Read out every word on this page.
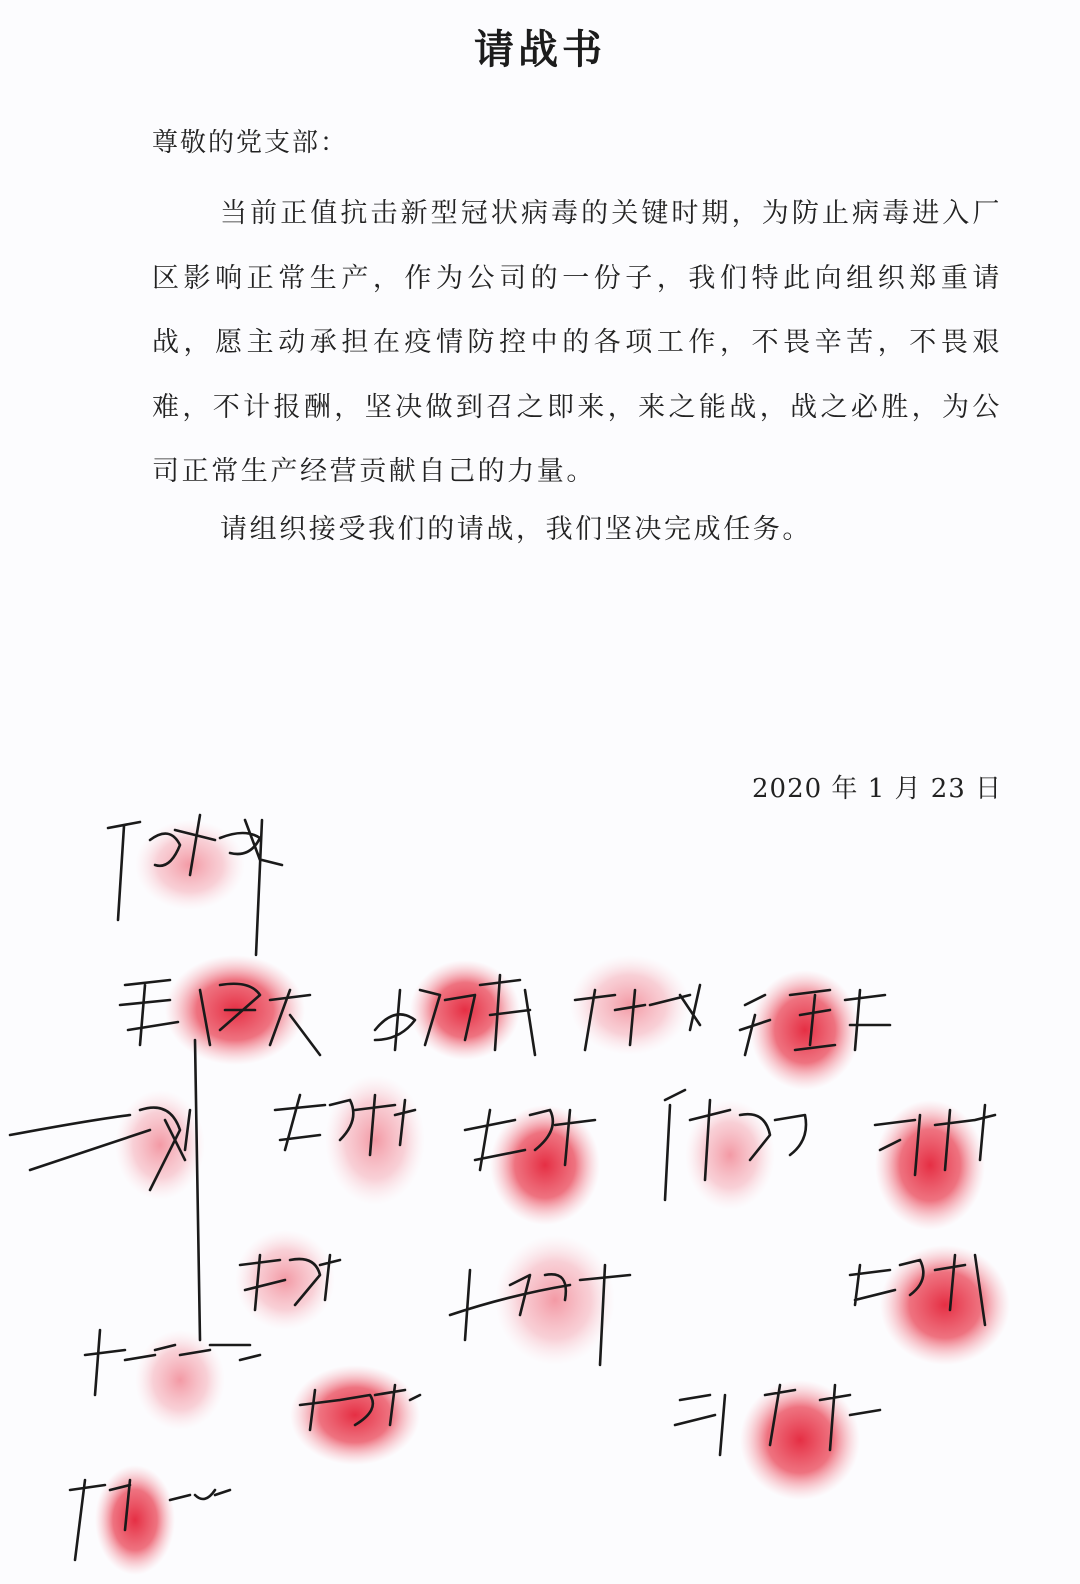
请战书
尊敬的党支部：
当前正值抗击新型冠状病毒的关键时期，为防止病毒进入厂区影响正常生产，作为公司的一份子，我们特此向组织郑重请战，愿主动承担在疫情防控中的各项工作，不畏辛苦，不畏艰难，不计报酬，坚决做到召之即来，来之能战，战之必胜，为公司正常生产经营贡献自己的力量。
请组织接受我们的请战，我们坚决完成任务。
2020 年 1 月 23 日
